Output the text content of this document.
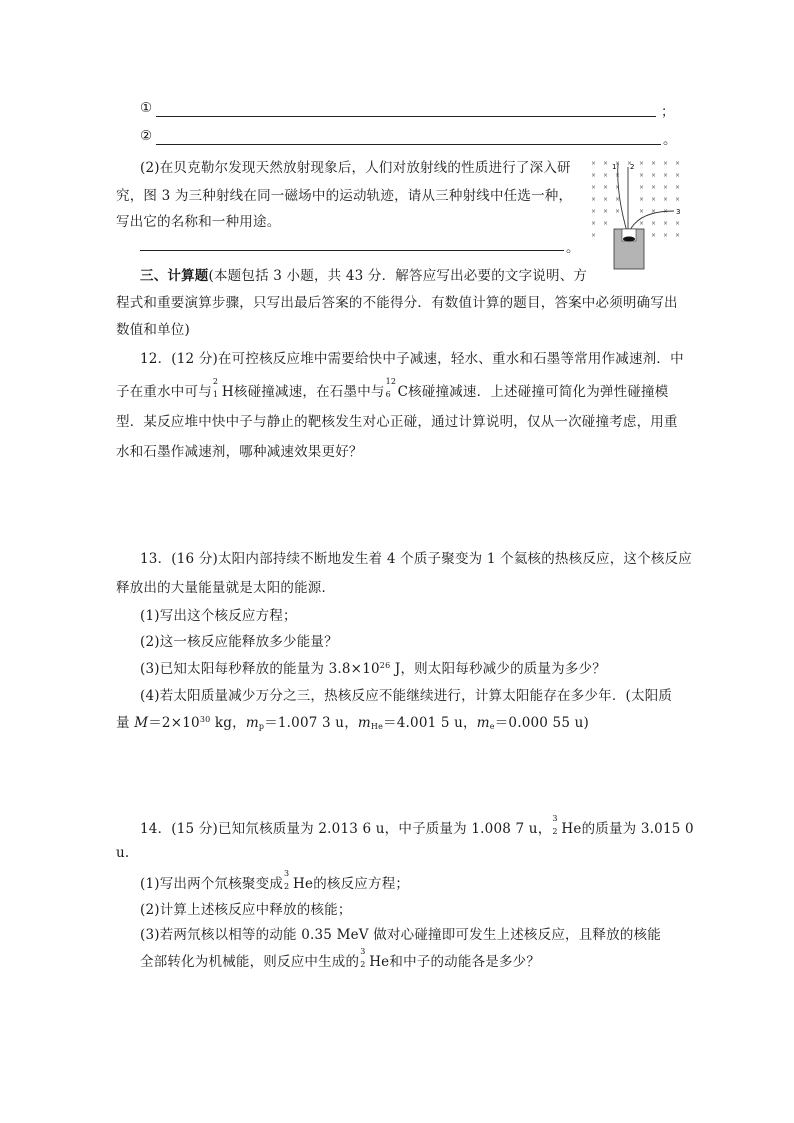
①	；
②	。
(2)在贝克勒尔发现天然放射现象后，人们对放射线的性质进行了深入研
究，图 3 为三种射线在同一磁场中的运动轨迹，请从三种射线中任选一种，
写出它的名称和一种用途。
。
× × × × × × × ×
× × ×	× × × ×
× × ×	× × × ×
× × ×	× × × ×
× × ×	× × ×
× ×	× × × ×
×	× × ×
1 2
3
三、计算题(本题包括 3 小题，共 43 分．解答应写出必要的文字说明、方
程式和重要演算步骤，只写出最后答案的不能得分．有数值计算的题目，答案中必须明确写出
数值和单位)
12．(12 分)在可控核反应堆中需要给快中子减速，轻水、重水和石墨等常用作减速剂．中
子在重水中可与
2
1 H核碰撞减速，在石墨中与
12
6 C核碰撞减速．上述碰撞可简化为弹性碰撞模
型．某反应堆中快中子与静止的靶核发生对心正碰，通过计算说明，仅从一次碰撞考虑，用重
水和石墨作减速剂，哪种减速效果更好？
13．(16 分)太阳内部持续不断地发生着 4 个质子聚变为 1 个氦核的热核反应，这个核反应
释放出的大量能量就是太阳的能源．
(1)写出这个核反应方程；
(2)这一核反应能释放多少能量？
(3)已知太阳每秒释放的能量为 $3.8\times 10^{26}$ J，则太阳每秒减少的质量为多少？
(4)若太阳质量减少万分之三，热核反应不能继续进行，计算太阳能存在多少年．(太阳质
量 $M=2\times 10^{30}$ kg，mp＝1.007 3 u，mHe＝4.001 5 u，me＝0.000 55 u)
14．(15 分)已知氘核质量为 2.013 6 u，中子质量为 1.008 7 u，
3
2 He的质量为 3.015 0
u.
(1)写出两个氘核聚变成
3
2 He的核反应方程；
(2)计算上述核反应中释放的核能；
(3)若两氘核以相等的动能 0.35 MeV 做对心碰撞即可发生上述核反应，且释放的核能
全部转化为机械能，则反应中生成的
3
2 He和中子的动能各是多少？
